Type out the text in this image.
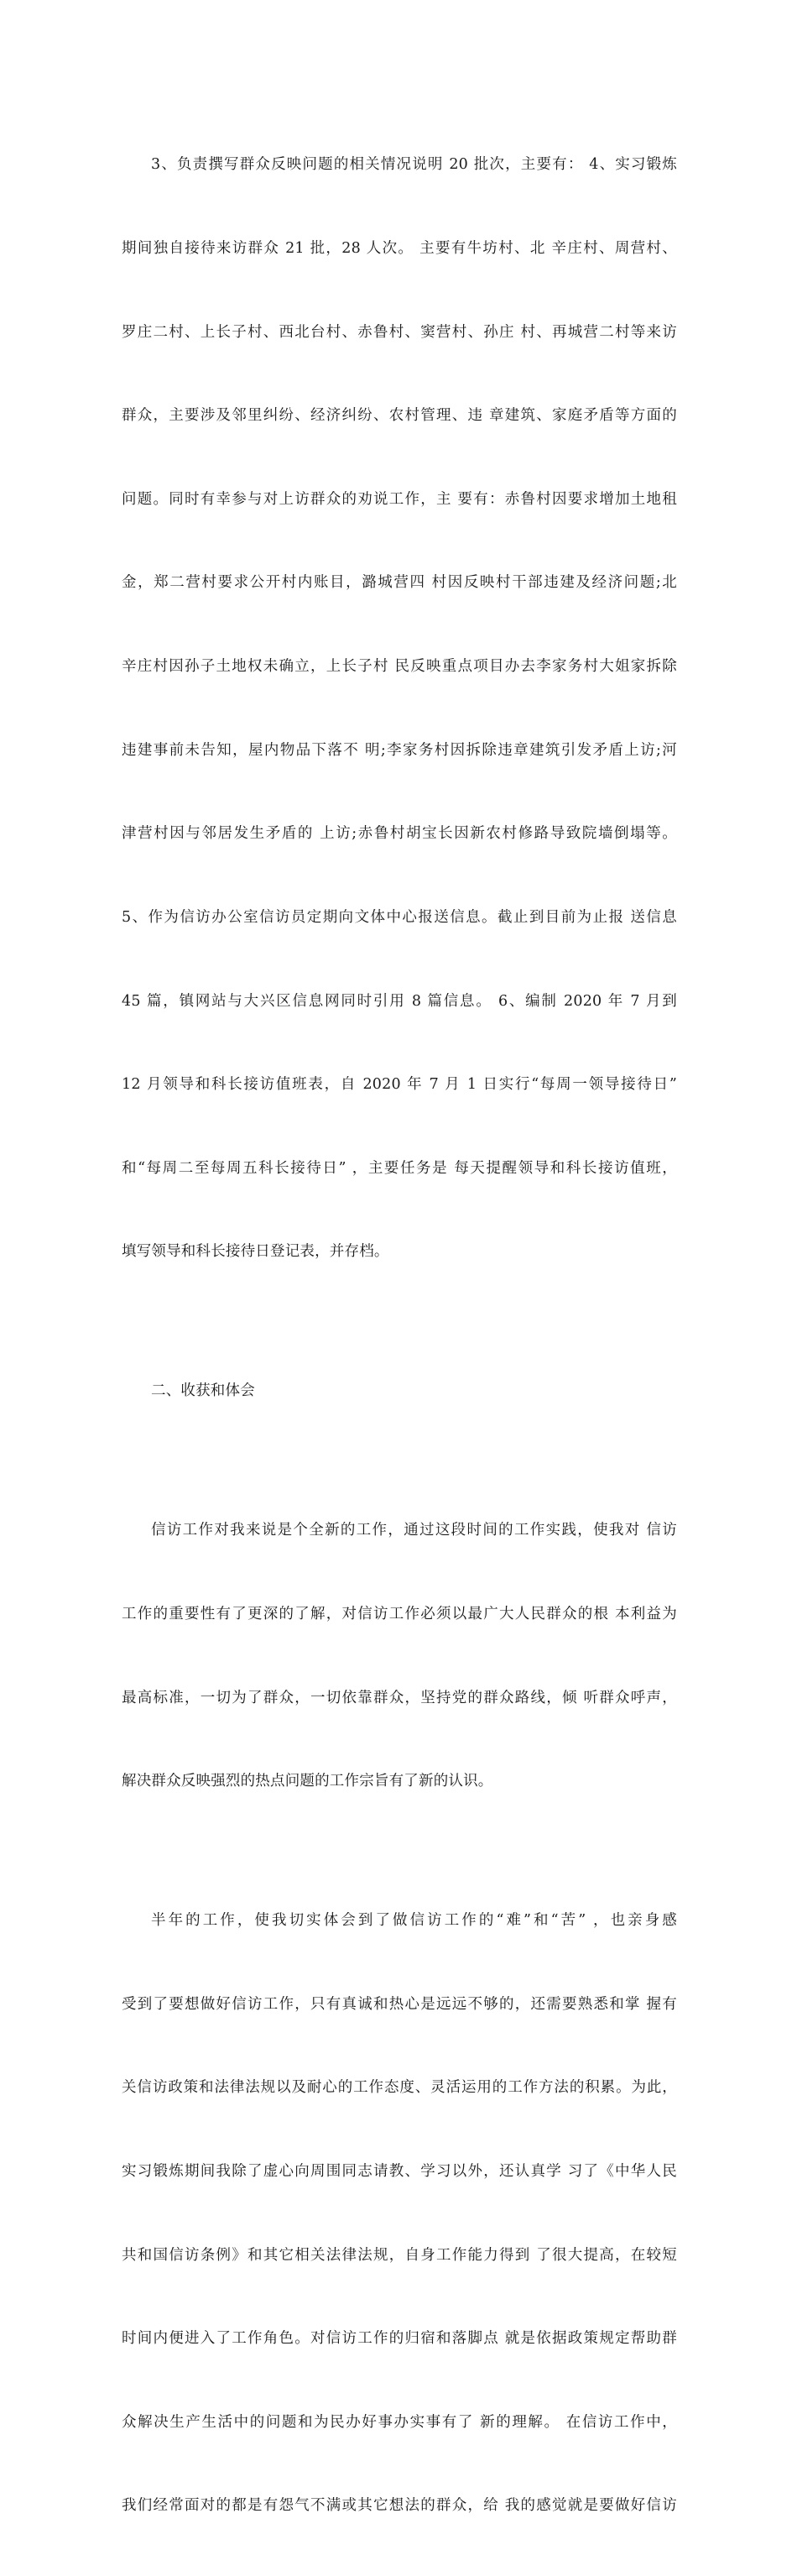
3、负责撰写群众反映问题的相关情况说明 20 批次，主要有： 4、实习锻炼

期间独自接待来访群众 21 批，28 人次。 主要有牛坊村、北 辛庄村、周营村、

罗庄二村、上长子村、西北台村、赤鲁村、窦营村、孙庄 村、再城营二村等来访

群众，主要涉及邻里纠纷、经济纠纷、农村管理、违 章建筑、家庭矛盾等方面的

问题。同时有幸参与对上访群众的劝说工作，主 要有：赤鲁村因要求增加土地租

金，郑二营村要求公开村内账目，潞城营四 村因反映村干部违建及经济问题;北

辛庄村因孙子土地权未确立，上长子村 民反映重点项目办去李家务村大姐家拆除

违建事前未告知，屋内物品下落不 明;李家务村因拆除违章建筑引发矛盾上访;河

津营村因与邻居发生矛盾的 上访;赤鲁村胡宝长因新农村修路导致院墙倒塌等。

5、作为信访办公室信访员定期向文体中心报送信息。截止到目前为止报 送信息

45 篇，镇网站与大兴区信息网同时引用 8 篇信息。 6、编制 2020 年 7 月到

12 月领导和科长接访值班表，自 2020 年 7 月 1 日实行“每周一领导接待日”

和“每周二至每周五科长接待日” ，主要任务是 每天提醒领导和科长接访值班，

填写领导和科长接待日登记表，并存档。

二、收获和体会

信访工作对我来说是个全新的工作，通过这段时间的工作实践，使我对 信访

工作的重要性有了更深的了解，对信访工作必须以最广大人民群众的根 本利益为

最高标准，一切为了群众，一切依靠群众，坚持党的群众路线，倾 听群众呼声，

解决群众反映强烈的热点问题的工作宗旨有了新的认识。

半年的工作，使我切实体会到了做信访工作的“难”和“苦” ，也亲身感

受到了要想做好信访工作，只有真诚和热心是远远不够的，还需要熟悉和掌 握有

关信访政策和法律法规以及耐心的工作态度、灵活运用的工作方法的积累。为此，

实习锻炼期间我除了虚心向周围同志请教、学习以外，还认真学 习了《中华人民

共和国信访条例》和其它相关法律法规，自身工作能力得到 了很大提高，在较短

时间内便进入了工作角色。对信访工作的归宿和落脚点 就是依据政策规定帮助群

众解决生产生活中的问题和为民办好事办实事有了 新的理解。 在信访工作中，

我们经常面对的都是有怨气不满或其它想法的群众，给 我的感觉就是要做好信访
